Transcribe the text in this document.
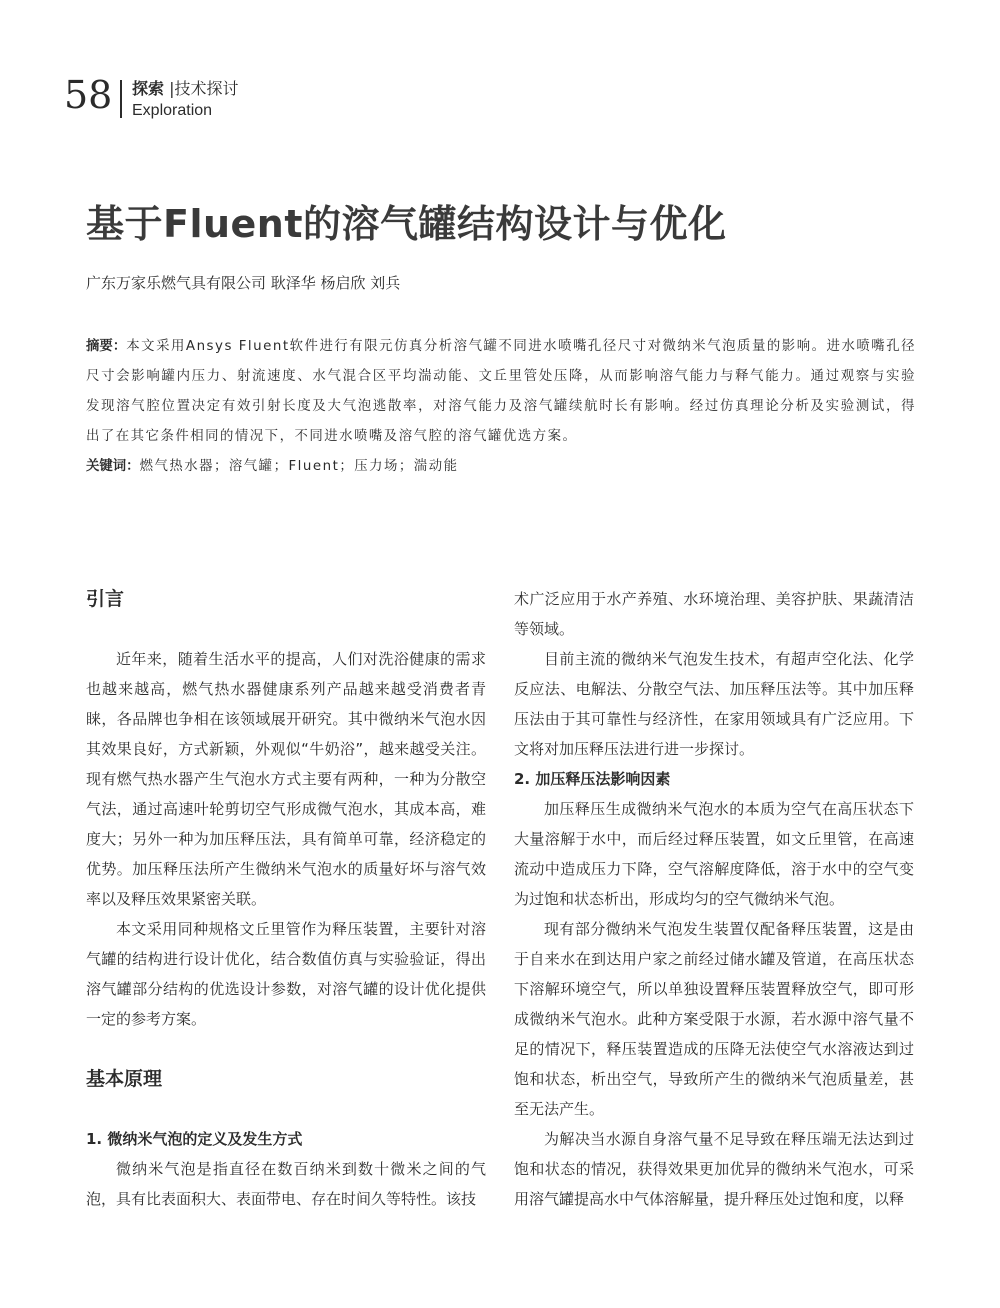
58 探索 |技术探讨
Exploration
基于Fluent的溶气罐结构设计与优化
广东万家乐燃气具有限公司 耿泽华 杨启欣 刘兵

摘要：本文采用Ansys Fluent软件进行有限元仿真分析溶气罐不同进水喷嘴孔径尺寸对微纳米气泡质量的影响。进水喷嘴孔径尺寸会影响罐内压力、射流速度、水气混合区平均湍动能、文丘里管处压降，从而影响溶气能力与释气能力。通过观察与实验发现溶气腔位置决定有效引射长度及大气泡逃散率，对溶气能力及溶气罐续航时长有影响。经过仿真理论分析及实验测试，得出了在其它条件相同的情况下，不同进水喷嘴及溶气腔的溶气罐优选方案。

关键词：燃气热水器；溶气罐；Fluent；压力场；湍动能

引言

近年来，随着生活水平的提高，人们对洗浴健康的需求也越来越高，燃气热水器健康系列产品越来越受消费者青睐，各品牌也争相在该领域展开研究。其中微纳米气泡水因其效果良好，方式新颖，外观似“牛奶浴”，越来越受关注。现有燃气热水器产生气泡水方式主要有两种，一种为分散空气法，通过高速叶轮剪切空气形成微气泡水，其成本高，难度大；另外一种为加压释压法，具有简单可靠，经济稳定的优势。加压释压法所产生微纳米气泡水的质量好坏与溶气效率以及释压效果紧密关联。

本文采用同种规格文丘里管作为释压装置，主要针对溶气罐的结构进行设计优化，结合数值仿真与实验验证，得出溶气罐部分结构的优选设计参数，对溶气罐的设计优化提供一定的参考方案。

基本原理
1. 微纳米气泡的定义及发生方式

微纳米气泡是指直径在数百纳米到数十微米之间的气泡，具有比表面积大、表面带电、存在时间久等特性。该技

术广泛应用于水产养殖、水环境治理、美容护肤、果蔬清洁等领域。

目前主流的微纳米气泡发生技术，有超声空化法、化学反应法、电解法、分散空气法、加压释压法等。其中加压释压法由于其可靠性与经济性，在家用领域具有广泛应用。下文将对加压释压法进行进一步探讨。

2. 加压释压法影响因素

加压释压生成微纳米气泡水的本质为空气在高压状态下大量溶解于水中，而后经过释压装置，如文丘里管，在高速流动中造成压力下降，空气溶解度降低，溶于水中的空气变为过饱和状态析出，形成均匀的空气微纳米气泡。

现有部分微纳米气泡发生装置仅配备释压装置，这是由于自来水在到达用户家之前经过储水罐及管道，在高压状态下溶解环境空气，所以单独设置释压装置释放空气，即可形成微纳米气泡水。此种方案受限于水源，若水源中溶气量不足的情况下，释压装置造成的压降无法使空气水溶液达到过饱和状态，析出空气，导致所产生的微纳米气泡质量差，甚至无法产生。

为解决当水源自身溶气量不足导致在释压端无法达到过饱和状态的情况，获得效果更加优异的微纳米气泡水，可采用溶气罐提高水中气体溶解量，提升释压处过饱和度，以释
